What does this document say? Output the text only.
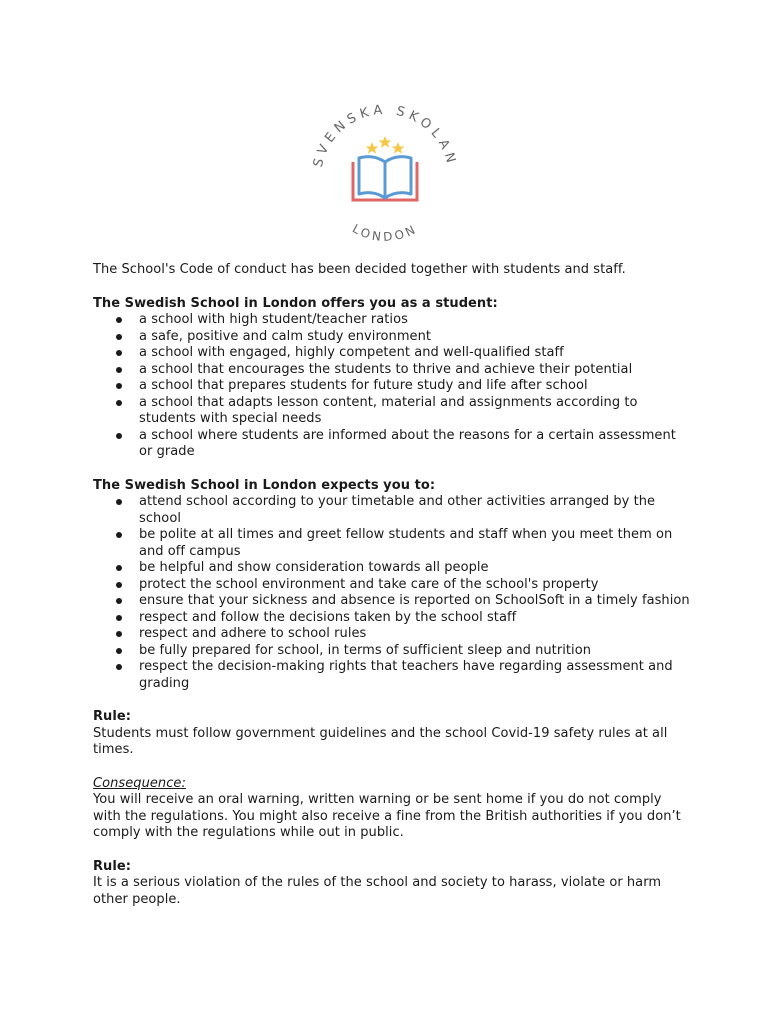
SVENSKA SKOLAN
LONDON

The School's Code of conduct has been decided together with students and staff.

The Swedish School in London offers you as a student:

a school with high student/teacher ratios
a safe, positive and calm study environment
a school with engaged, highly competent and well-qualified staff
a school that encourages the students to thrive and achieve their potential
a school that prepares students for future study and life after school
a school that adapts lesson content, material and assignments according to students with special needs
a school where students are informed about the reasons for a certain assessment or grade

The Swedish School in London expects you to:

attend school according to your timetable and other activities arranged by the school
be polite at all times and greet fellow students and staff when you meet them on and off campus
be helpful and show consideration towards all people
protect the school environment and take care of the school's property
ensure that your sickness and absence is reported on SchoolSoft in a timely fashion
respect and follow the decisions taken by the school staff
respect and adhere to school rules
be fully prepared for school, in terms of sufficient sleep and nutrition
respect the decision-making rights that teachers have regarding assessment and grading

Rule:

Students must follow government guidelines and the school Covid-19 safety rules at all times.

Consequence:

You will receive an oral warning, written warning or be sent home if you do not comply with the regulations. You might also receive a fine from the British authorities if you don’t comply with the regulations while out in public.

Rule:

It is a serious violation of the rules of the school and society to harass, violate or harm other people.
